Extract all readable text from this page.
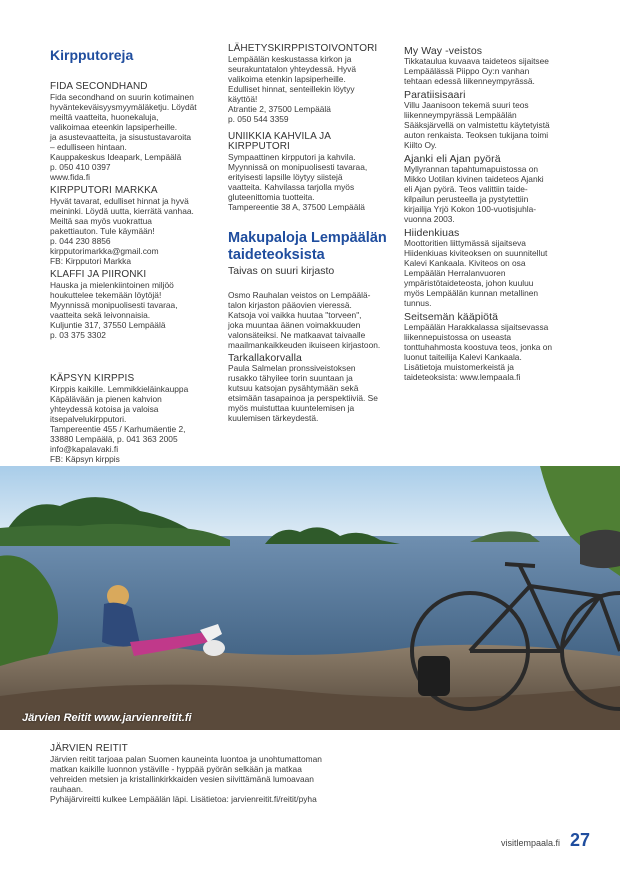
Kirpputoreja
FIDA SECONDHAND
Fida secondhand on suurin kotimainen
hyväntekeväisyysmyymäläketju. Löydät
meiltä vaatteita, huonekaluja,
valikoimaa eteenkin lapsiperheille.
ja asustevaatteita, ja sisustustavaroita
– edulliseen hintaan.
Kauppakeskus Ideapark, Lempäälä
p. 050 410 0397
www.fida.fi
KIRPPUTORI MARKKA
Hyvät tavarat, edulliset hinnat ja hyvä
meininki. Löydä uutta, kierrätä vanhaa.
Meiltä saa myös vuokrattua
pakettiauton. Tule käymään!
p. 044 230 8856
kirpputorimarkka@gmail.com
FB: Kirpputori Markka
KLAFFI JA PIIRONKI
Hauska ja mielenkiintoinen miljöö
houkuttelee tekemään löytöjä!
Myynnissä monipuolisesti tavaraa,
vaatteita sekä leivonnaisia.
Kuljuntie 317, 37550 Lempäälä
p. 03 375 3302
KÄPSYN KIRPPIS
Kirppis kaikille. Lemmikkieläinkauppa
Käpälävään ja pienen kahvion
yhteydessä kotoisa ja valoisa
itsepalvelukirpputori.
Tampereentie 455 / Karhumäentie 2,
33880 Lempäälä, p. 041 363 2005
info@kapalavaki.fi
FB: Käpsyn kirppis
LÄHETYSKIRPPISTOIVONTORI
Lempäälän keskustassa kirkon ja
seurakuntatalon yhteydessä. Hyvä
valikoima etenkin lapsiperheille.
Edulliset hinnat, senteillekin löytyy
käyttöä!
Atrantie 2, 37500 Lempäälä
p. 050 544 3359
UNIIKKIA KAHVILA JA
KIRPPUTORI
Sympaattinen kirpputori ja kahvila.
Myynnissä on monipuolisesti tavaraa,
erityisesti lapsille löytyy siistejä
vaatteita. Kahvilassa tarjolla myös
gluteenittomia tuotteita.
Tampereentie 38 A, 37500 Lempäälä
Makupaloja Lempäälän
taideteoksista
Taivas on suuri kirjasto
Osmo Rauhalan veistos on Lempäälä-
talon kirjaston pääovien vieressä.
Katsoja voi vaikka huutaa "torveen",
joka muuntaa äänen voimakkuuden
valonsäteiksi. Ne matkaavat taivaalle
maailmankaikkeuden ikuiseen kirjastoon.
Tarkallakorvalla
Paula Salmelan pronssiveistoksen
rusakko tähyilee torin suuntaan ja
kutsuu katsojan pysähtymään sekä
etsimään tasapainoa ja perspektiiviä. Se
myös muistuttaa kuuntelemisen ja
kuulemisen tärkeydestä.
My Way -veistos
Tikkataulua kuvaava taideteos sijaitsee
Lempäälässä Piippo Oy:n vanhan
tehtaan edessä liikenneympyrässä.
Paratiisisaari
Villu Jaanisoon tekemä suuri teos
liikenneympyrässä Lempäälän
Sääksjärvellä on valmistettu käytetyistä
auton renkaista. Teoksen tukijana toimi
Kiilto Oy.
Ajanki eli Ajan pyörä
Myllyrannan tapahtumapuistossa on
Mikko Uotilan kivinen taideteos Ajanki
eli Ajan pyörä. Teos valittiin taide-
kilpailun perusteella ja pystytettiin
kirjailija Yrjö Kokon 100-vuotisjuhla-
vuonna 2003.
Hiidenkiuas
Moottoritien liittymässä sijaitseva
Hiidenkiuas kiviteoksen on suunnitellut
Kalevi Kankaala. Kiviteos on osa
Lempäälän Herralanvuoren
ympäristötaideteosta, johon kuuluu
myös Lempäälän kunnan metallinen
tunnus.
Seitsemän kääpiötä
Lempäälän Harakkalassa sijaitsevassa
liikennepuistossa on useasta
tonttuhahmosta koostuva teos, jonka on
luonut taiteilija Kalevi Kankaala.
Lisätietoja muistomerkeistä ja
taideteoksista: www.lempaala.fi
Järvien Reitit www.jarvienreitit.fi
JÄRVIEN REITIT
Järvien reitit tarjoaa palan Suomen kauneinta luontoa ja unohtumattoman
matkan kaikille luonnon ystäville - hyppää pyörän selkään ja matkaa
vehreiden metsien ja kristallinkirkkaiden vesien siivittämänä lumoavaan
rauhaan.
Pyhäjärvireitti kulkee Lempäälän läpi. Lisätietoa: jarvienreitit.fi/reitit/pyha
visitlempaala.fi 27
